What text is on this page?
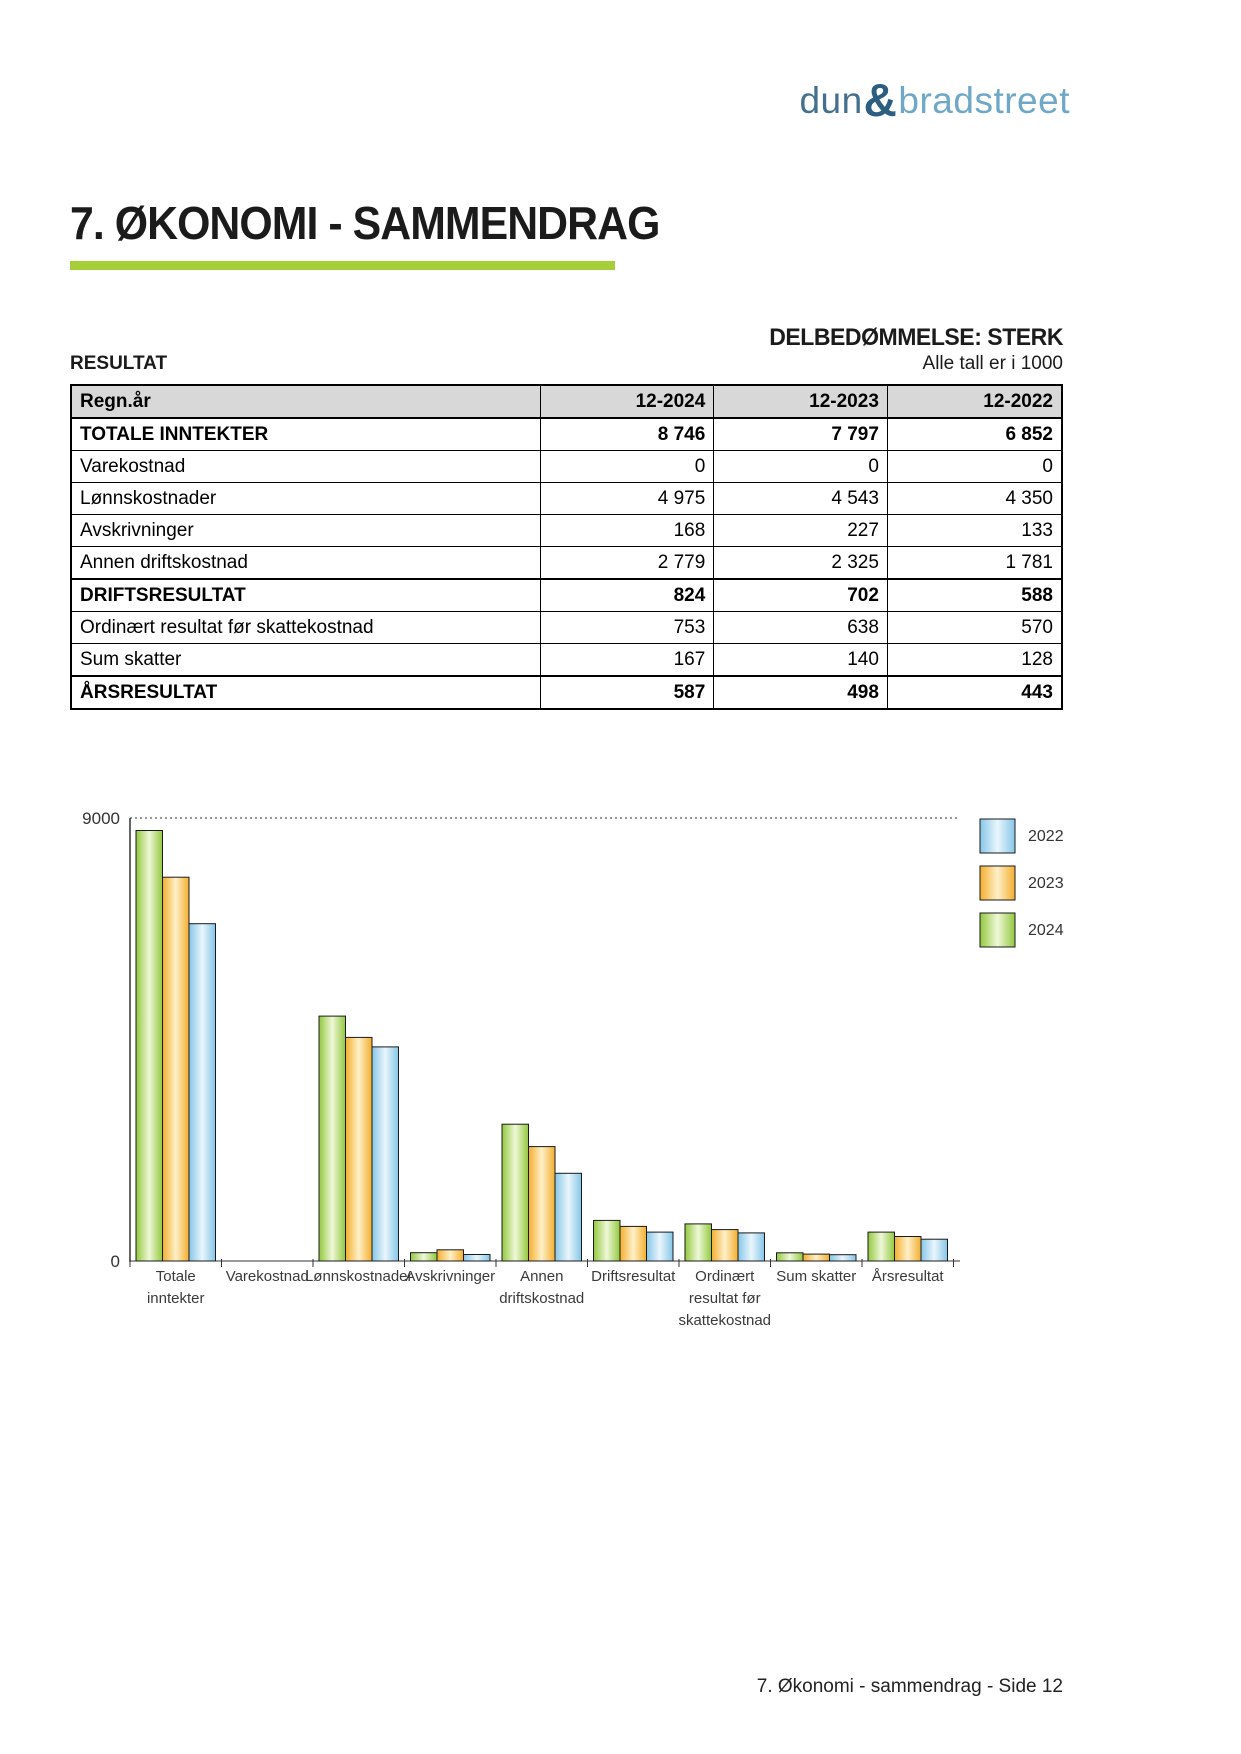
dun&bradstreet
7. ØKONOMI - SAMMENDRAG
DELBEDØMMELSE: STERK
RESULTAT	Alle tall er i 1000
Regn.år	12-2024	12-2023	12-2022
TOTALE INNTEKTER	8 746	7 797	6 852
Varekostnad	0	0	0
Lønnskostnader	4 975	4 543	4 350
Avskrivninger	168	227	133
Annen driftskostnad	2 779	2 325	1 781
DRIFTSRESULTAT	824	702	588
Ordinært resultat før skattekostnad	753	638	570
Sum skatter	167	140	128
ÅRSRESULTAT	587	498	443
9000
0
Totale
inntekter
Varekostnad
Lønnskostnader
Avskrivninger Annen
driftskostnad
Driftsresultat Ordinært
resultat før
skattekostnad
Sum skatter Årsresultat
2022
2023
2024
7. Økonomi - sammendrag - Side 12
